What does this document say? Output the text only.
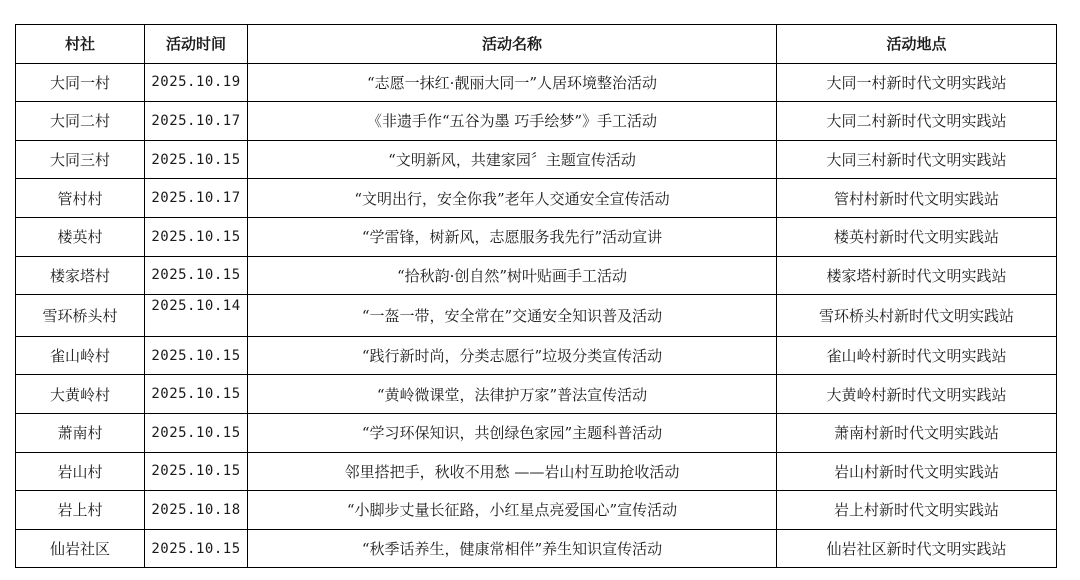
村社	活动时间	活动名称	活动地点
大同一村	2025.10.19	“志愿一抹红·靓丽大同一”人居环境整治活动	大同一村新时代文明实践站
大同二村	2025.10.17	《非遗手作“五谷为墨 巧手绘梦”》手工活动	大同二村新时代文明实践站
大同三村	2025.10.15	“文明新风，共建家园〞主题宣传活动	大同三村新时代文明实践站
管村村	2025.10.17	“文明出行，安全你我”老年人交通安全宣传活动	管村村新时代文明实践站
楼英村	2025.10.15	“学雷锋，树新风，志愿服务我先行”活动宣讲	楼英村新时代文明实践站
楼家塔村	2025.10.15	“拾秋韵·创自然”树叶贴画手工活动	楼家塔村新时代文明实践站
雪环桥头村	2025.10.14	“一盔一带，安全常在”交通安全知识普及活动	雪环桥头村新时代文明实践站
雀山岭村	2025.10.15	“践行新时尚，分类志愿行”垃圾分类宣传活动	雀山岭村新时代文明实践站
大黄岭村	2025.10.15	“黄岭微课堂，法律护万家”普法宣传活动	大黄岭村新时代文明实践站
萧南村	2025.10.15	“学习环保知识，共创绿色家园”主题科普活动	萧南村新时代文明实践站
岩山村	2025.10.15	邻里搭把手，秋收不用愁 ——岩山村互助抢收活动	岩山村新时代文明实践站
岩上村	2025.10.18	“小脚步丈量长征路，小红星点亮爱国心”宣传活动	岩上村新时代文明实践站
仙岩社区	2025.10.15	“秋季话养生，健康常相伴”养生知识宣传活动	仙岩社区新时代文明实践站
